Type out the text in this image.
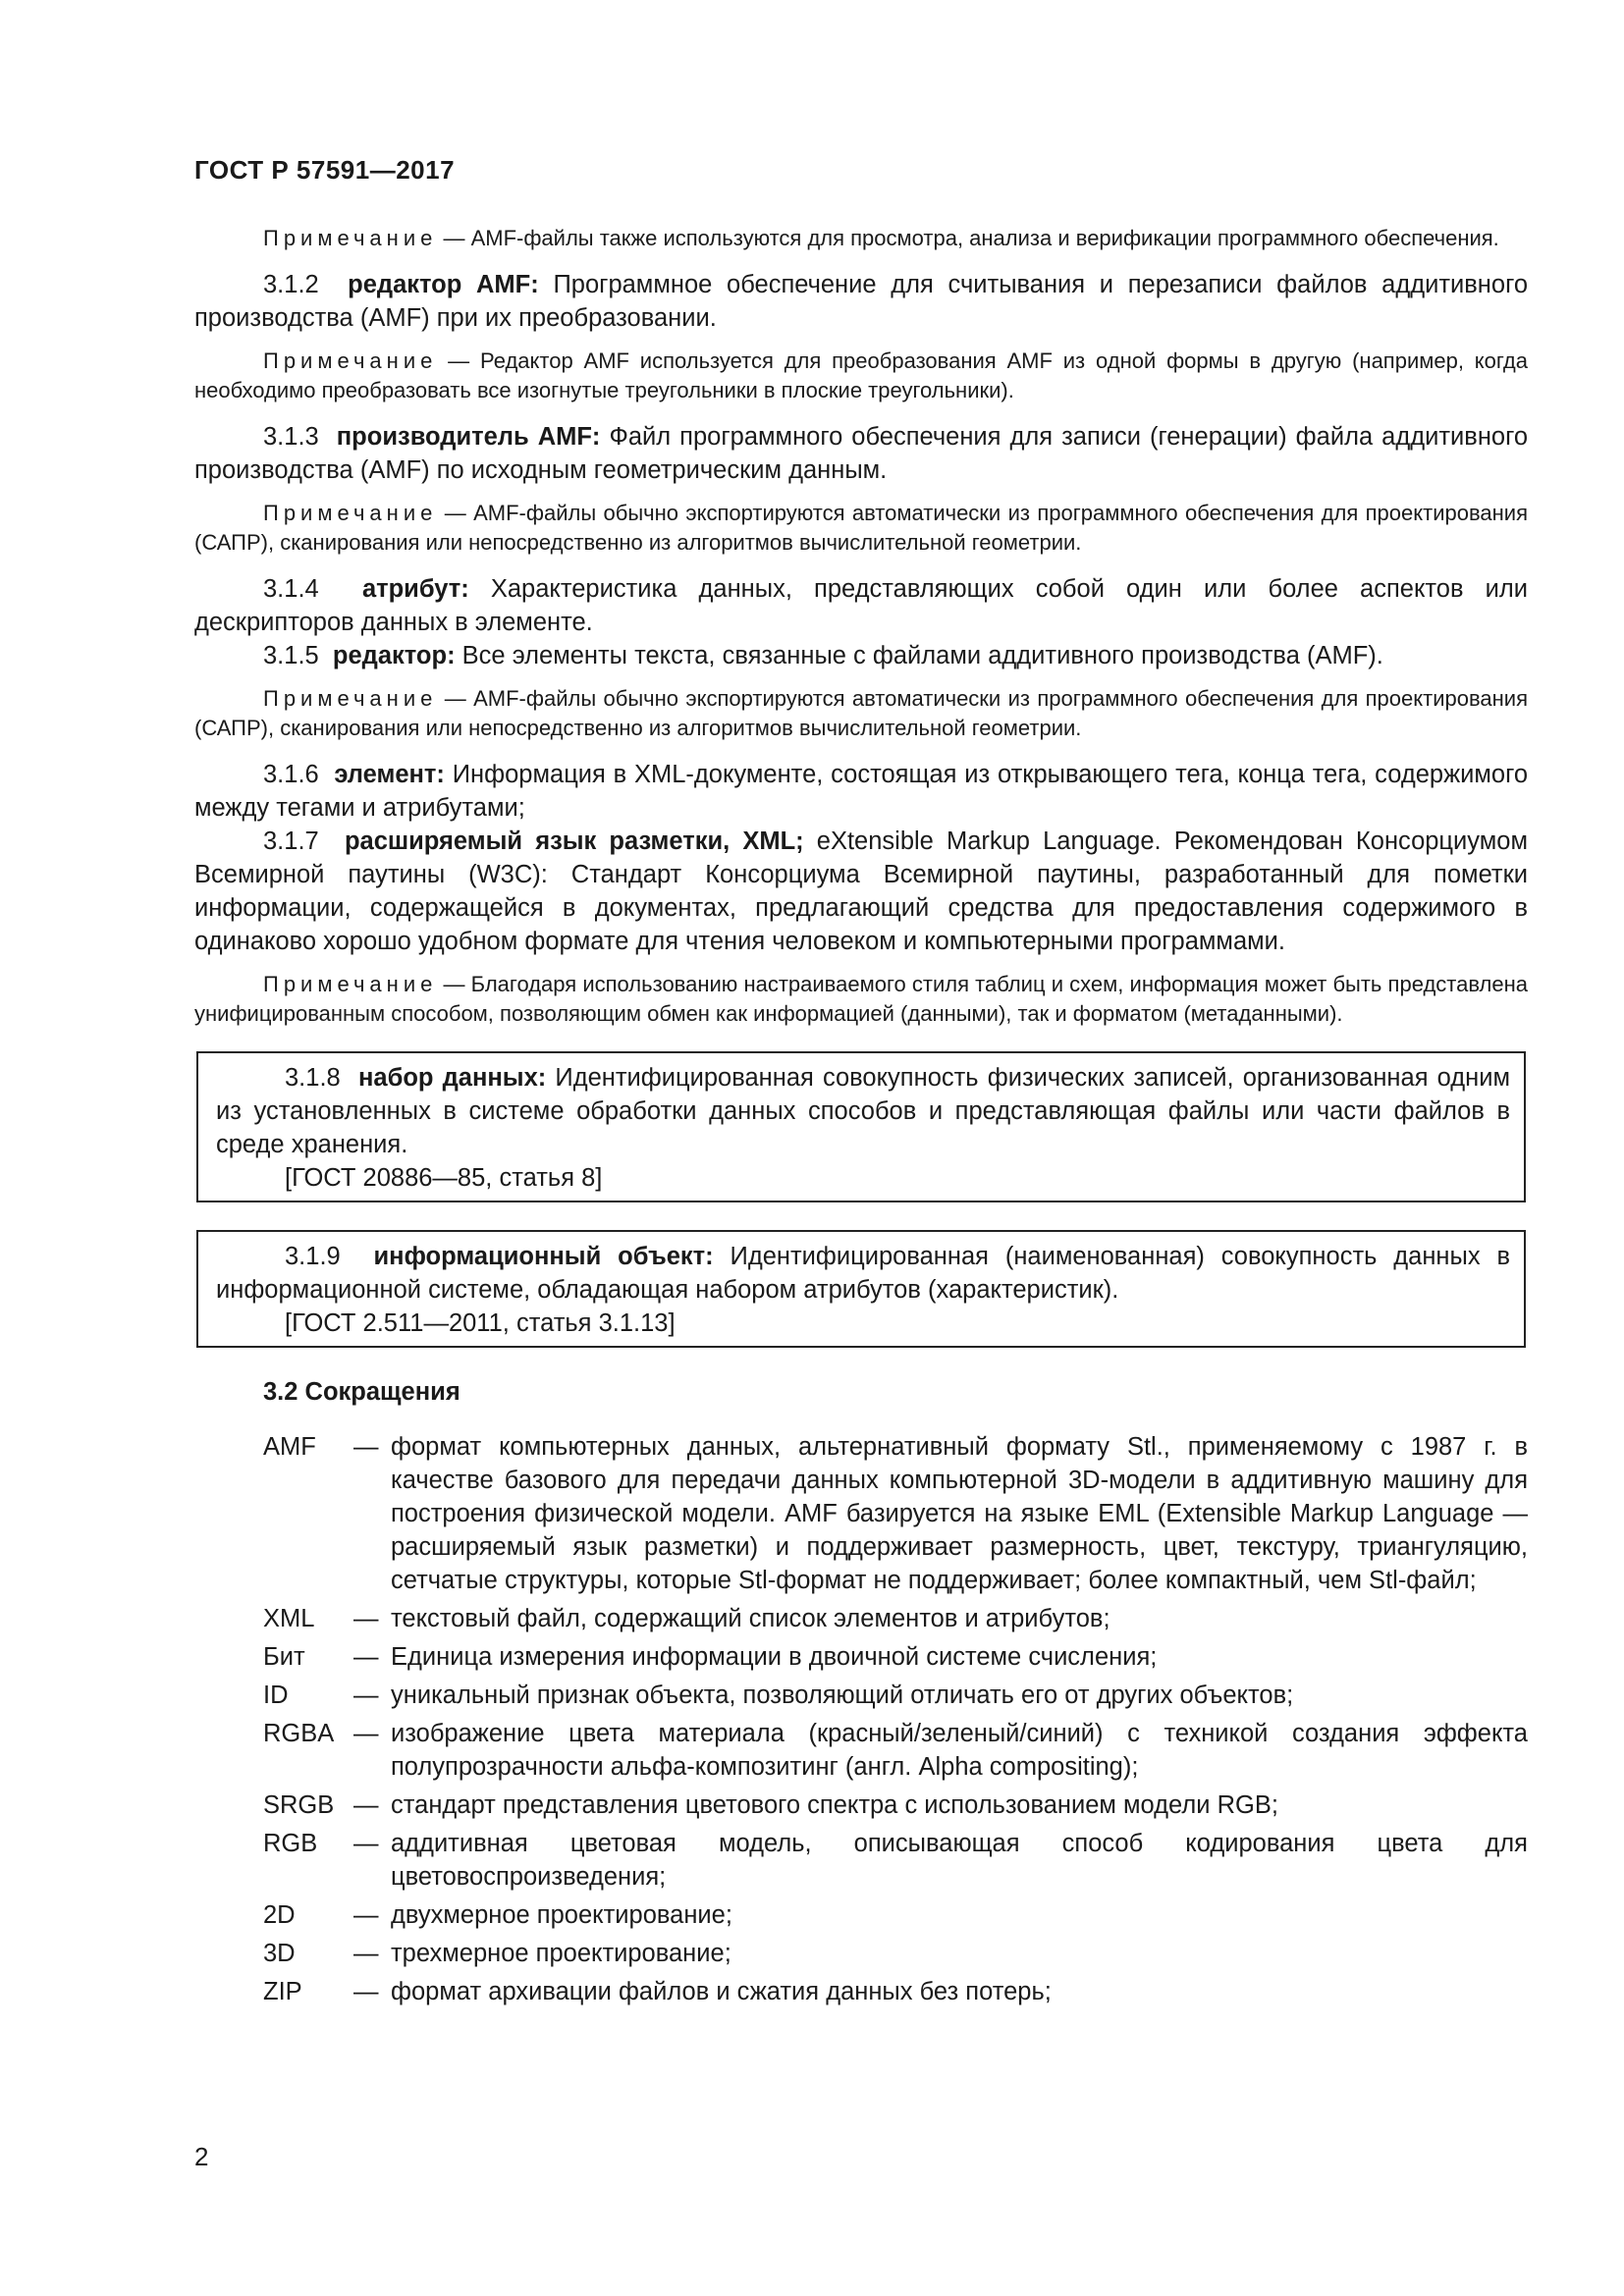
ГОСТ Р 57591—2017

Примечание — AMF-файлы также используются для просмотра, анализа и верификации программного обеспечения.

3.1.2 редактор AMF: Программное обеспечение для считывания и перезаписи файлов аддитивного производства (AMF) при их преобразовании.

Примечание — Редактор AMF используется для преобразования AMF из одной формы в другую (например, когда необходимо преобразовать все изогнутые треугольники в плоские треугольники).

3.1.3 производитель AMF: Файл программного обеспечения для записи (генерации) файла аддитивного производства (AMF) по исходным геометрическим данным.

Примечание — AMF-файлы обычно экспортируются автоматически из программного обеспечения для проектирования (САПР), сканирования или непосредственно из алгоритмов вычислительной геометрии.

3.1.4 атрибут: Характеристика данных, представляющих собой один или более аспектов или дескрипторов данных в элементе.

3.1.5 редактор: Все элементы текста, связанные с файлами аддитивного производства (AMF).

Примечание — AMF-файлы обычно экспортируются автоматически из программного обеспечения для проектирования (САПР), сканирования или непосредственно из алгоритмов вычислительной геометрии.

3.1.6 элемент: Информация в XML-документе, состоящая из открывающего тега, конца тега, содержимого между тегами и атрибутами;

3.1.7 расширяемый язык разметки, XML; eXtensible Markup Language. Рекомендован Консорциумом Всемирной паутины (W3C): Стандарт Консорциума Всемирной паутины, разработанный для пометки информации, содержащейся в документах, предлагающий средства для предоставления содержимого в одинаково хорошо удобном формате для чтения человеком и компьютерными программами.

Примечание — Благодаря использованию настраиваемого стиля таблиц и схем, информация может быть представлена унифицированным способом, позволяющим обмен как информацией (данными), так и форматом (метаданными).

3.1.8 набор данных: Идентифицированная совокупность физических записей, организованная одним из установленных в системе обработки данных способов и представляющая файлы или части файлов в среде хранения.

[ГОСТ 20886—85, статья 8]

3.1.9 информационный объект: Идентифицированная (наименованная) совокупность данных в информационной системе, обладающая набором атрибутов (характеристик).

[ГОСТ 2.511—2011, статья 3.1.13]

3.2 Сокращения
AMF	— формат компьютерных данных, альтернативный формату Stl., применяемому с 1987 г. в качестве базового для передачи данных компьютерной 3D-модели в аддитивную машину для построения физической модели. AMF базируется на языке EML (Extensible Markup Language — расширяемый язык разметки) и поддерживает размерность, цвет, текстуру, триангуляцию, сетчатые структуры, которые Stl-формат не поддерживает; более компактный, чем Stl-файл;
XML	— текстовый файл, содержащий список элементов и атрибутов;
Бит	— Единица измерения информации в двоичной системе счисления;
ID	— уникальный признак объекта, позволяющий отличать его от других объектов;
RGBA — изображение цвета материала (красный/зеленый/синий) с техникой создания эффекта полупрозрачности альфа-композитинг (англ. Alpha compositing);
SRGB — стандарт представления цветового спектра с использованием модели RGB;
RGB	— аддитивная цветовая модель, описывающая способ кодирования цвета для цветовоспроизведения;
2D	— двухмерное проектирование;
3D	— трехмерное проектирование;
ZIP	— формат архивации файлов и сжатия данных без потерь;
2
